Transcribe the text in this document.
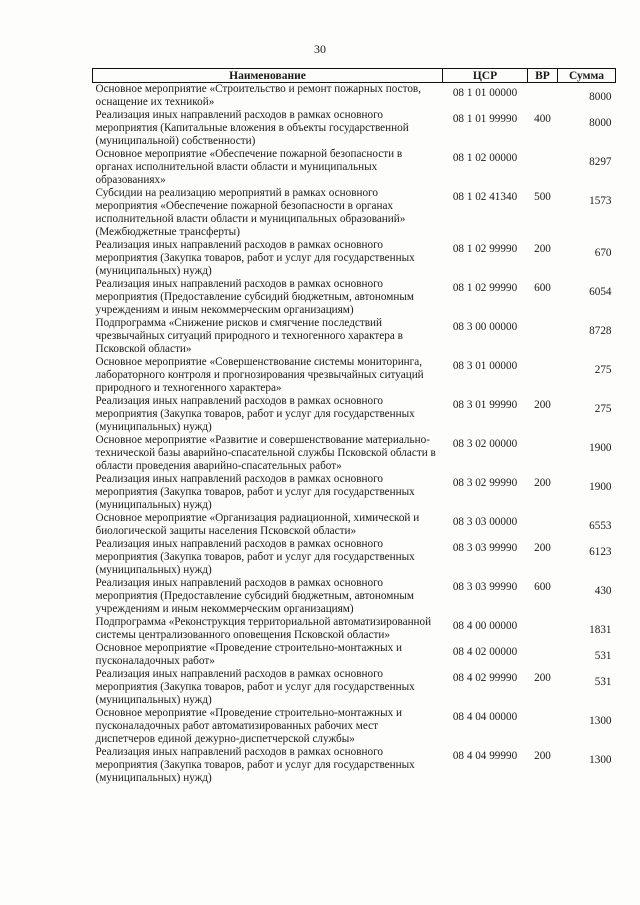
30
Наименование	ЦСР	ВР	Сумма
Основное мероприятие «Строительство и ремонт пожарных постов, оснащение их техникой»	08 1 01 00000		8000
Реализация иных направлений расходов в рамках основного мероприятия (Капитальные вложения в объекты государственной (муниципальной) собственности)	08 1 01 99990	400	8000
Основное мероприятие «Обеспечение пожарной безопасности в органах исполнительной власти области и муниципальных образованиях»	08 1 02 00000		8297
Субсидии на реализацию мероприятий в рамках основного мероприятия «Обеспечение пожарной безопасности в органах исполнительной власти области и муниципальных образований» (Межбюджетные трансферты)	08 1 02 41340	500	1573
Реализация иных направлений расходов в рамках основного мероприятия (Закупка товаров, работ и услуг для государственных (муниципальных) нужд)	08 1 02 99990	200	670
Реализация иных направлений расходов в рамках основного мероприятия (Предоставление субсидий бюджетным, автономным учреждениям и иным некоммерческим организациям)	08 1 02 99990	600	6054
Подпрограмма «Снижение рисков и смягчение последствий чрезвычайных ситуаций природного и техногенного характера в Псковской области»	08 3 00 00000		8728
Основное мероприятие «Совершенствование системы мониторинга, лабораторного контроля и прогнозирования чрезвычайных ситуаций природного и техногенного характера»	08 3 01 00000		275
Реализация иных направлений расходов в рамках основного мероприятия (Закупка товаров, работ и услуг для государственных (муниципальных) нужд)	08 3 01 99990	200	275
Основное мероприятие «Развитие и совершенствование материально-технической базы аварийно-спасательной службы Псковской области в области проведения аварийно-спасательных работ»	08 3 02 00000		1900
Реализация иных направлений расходов в рамках основного мероприятия (Закупка товаров, работ и услуг для государственных (муниципальных) нужд)	08 3 02 99990	200	1900
Основное мероприятие «Организация радиационной, химической и биологической защиты населения Псковской области»	08 3 03 00000		6553
Реализация иных направлений расходов в рамках основного мероприятия (Закупка товаров, работ и услуг для государственных (муниципальных) нужд)	08 3 03 99990	200	6123
Реализация иных направлений расходов в рамках основного мероприятия (Предоставление субсидий бюджетным, автономным учреждениям и иным некоммерческим организациям)	08 3 03 99990	600	430
Подпрограмма «Реконструкция территориальной автоматизированной системы централизованного оповещения Псковской области»	08 4 00 00000		1831
Основное мероприятие «Проведение строительно-монтажных и пусконаладочных работ»	08 4 02 00000		531
Реализация иных направлений расходов в рамках основного мероприятия (Закупка товаров, работ и услуг для государственных (муниципальных) нужд)	08 4 02 99990	200	531
Основное мероприятие «Проведение строительно-монтажных и пусконаладочных работ автоматизированных рабочих мест диспетчеров единой дежурно-диспетчерской службы»	08 4 04 00000		1300
Реализация иных направлений расходов в рамках основного мероприятия (Закупка товаров, работ и услуг для государственных (муниципальных) нужд)	08 4 04 99990	200	1300
